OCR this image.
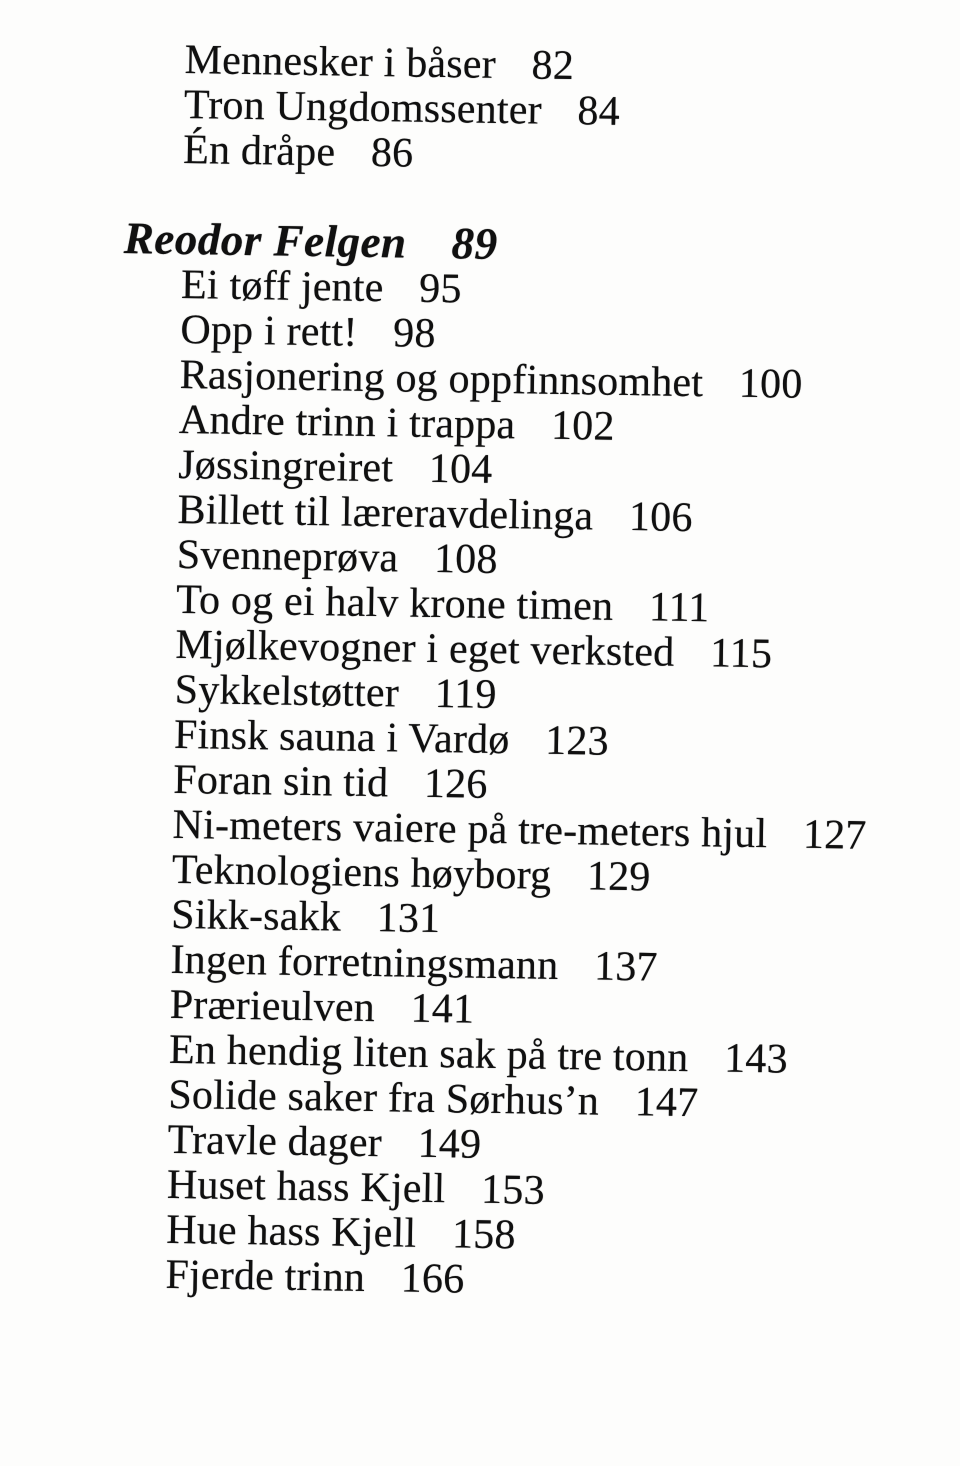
Mennesker i båser 82
Tron Ungdomssenter 84
Én dråpe 86
Reodor Felgen 89
Ei tøff jente 95
Opp i rett! 98
Rasjonering og oppfinnsomhet 100
Andre trinn i trappa 102
Jøssingreiret 104
Billett til læreravdelinga 106
Svenneprøva 108
To og ei halv krone timen 111
Mjølkevogner i eget verksted 115
Sykkelstøtter 119
Finsk sauna i Vardø 123
Foran sin tid 126
Ni-meters vaiere på tre-meters hjul 127
Teknologiens høyborg 129
Sikk-sakk 131
Ingen forretningsmann 137
Prærieulven 141
En hendig liten sak på tre tonn 143
Solide saker fra Sørhus’n 147
Travle dager 149
Huset hass Kjell 153
Hue hass Kjell 158
Fjerde trinn 166
